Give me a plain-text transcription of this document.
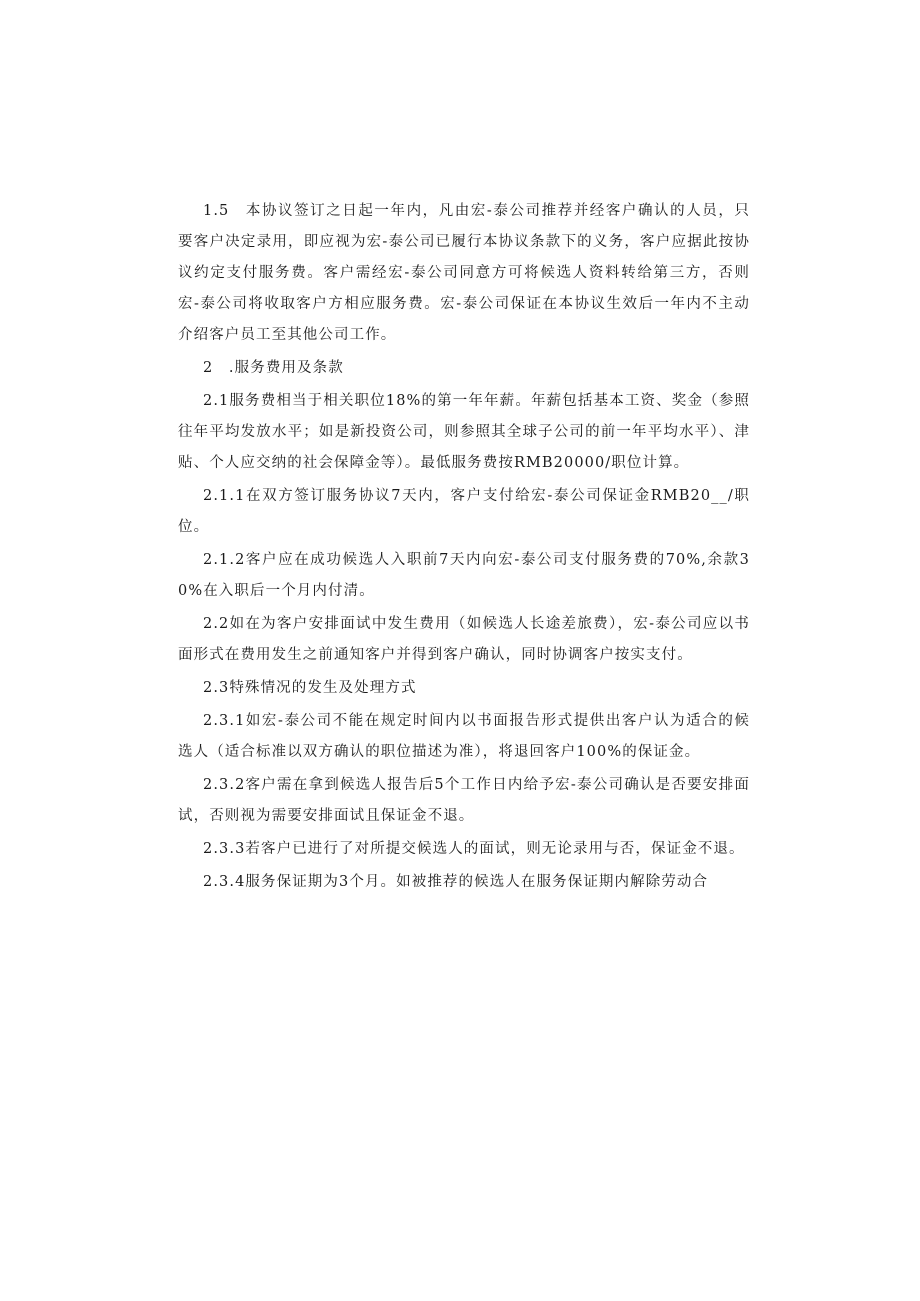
1.5　本协议签订之日起一年内，凡由宏-泰公司推荐并经客户确认的人员，只要客户决定录用，即应视为宏-泰公司已履行本协议条款下的义务，客户应据此按协议约定支付服务费。客户需经宏-泰公司同意方可将候选人资料转给第三方，否则宏-泰公司将收取客户方相应服务费。宏-泰公司保证在本协议生效后一年内不主动介绍客户员工至其他公司工作。

2　.服务费用及条款

2.1服务费相当于相关职位18%的第一年年薪。年薪包括基本工资、奖金（参照往年平均发放水平；如是新投资公司，则参照其全球子公司的前一年平均水平）、津贴、个人应交纳的社会保障金等）。最低服务费按RMB20000/职位计算。

2.1.1在双方签订服务协议7天内，客户支付给宏-泰公司保证金RMB20__/职位。

2.1.2客户应在成功候选人入职前7天内向宏-泰公司支付服务费的70%,余款30%在入职后一个月内付清。

2.2如在为客户安排面试中发生费用（如候选人长途差旅费），宏-泰公司应以书面形式在费用发生之前通知客户并得到客户确认，同时协调客户按实支付。

2.3特殊情况的发生及处理方式

2.3.1如宏-泰公司不能在规定时间内以书面报告形式提供出客户认为适合的候选人（适合标准以双方确认的职位描述为准），将退回客户100%的保证金。

2.3.2客户需在拿到候选人报告后5个工作日内给予宏-泰公司确认是否要安排面试，否则视为需要安排面试且保证金不退。

2.3.3若客户已进行了对所提交候选人的面试，则无论录用与否，保证金不退。

2.3.4服务保证期为3个月。如被推荐的候选人在服务保证期内解除劳动合
